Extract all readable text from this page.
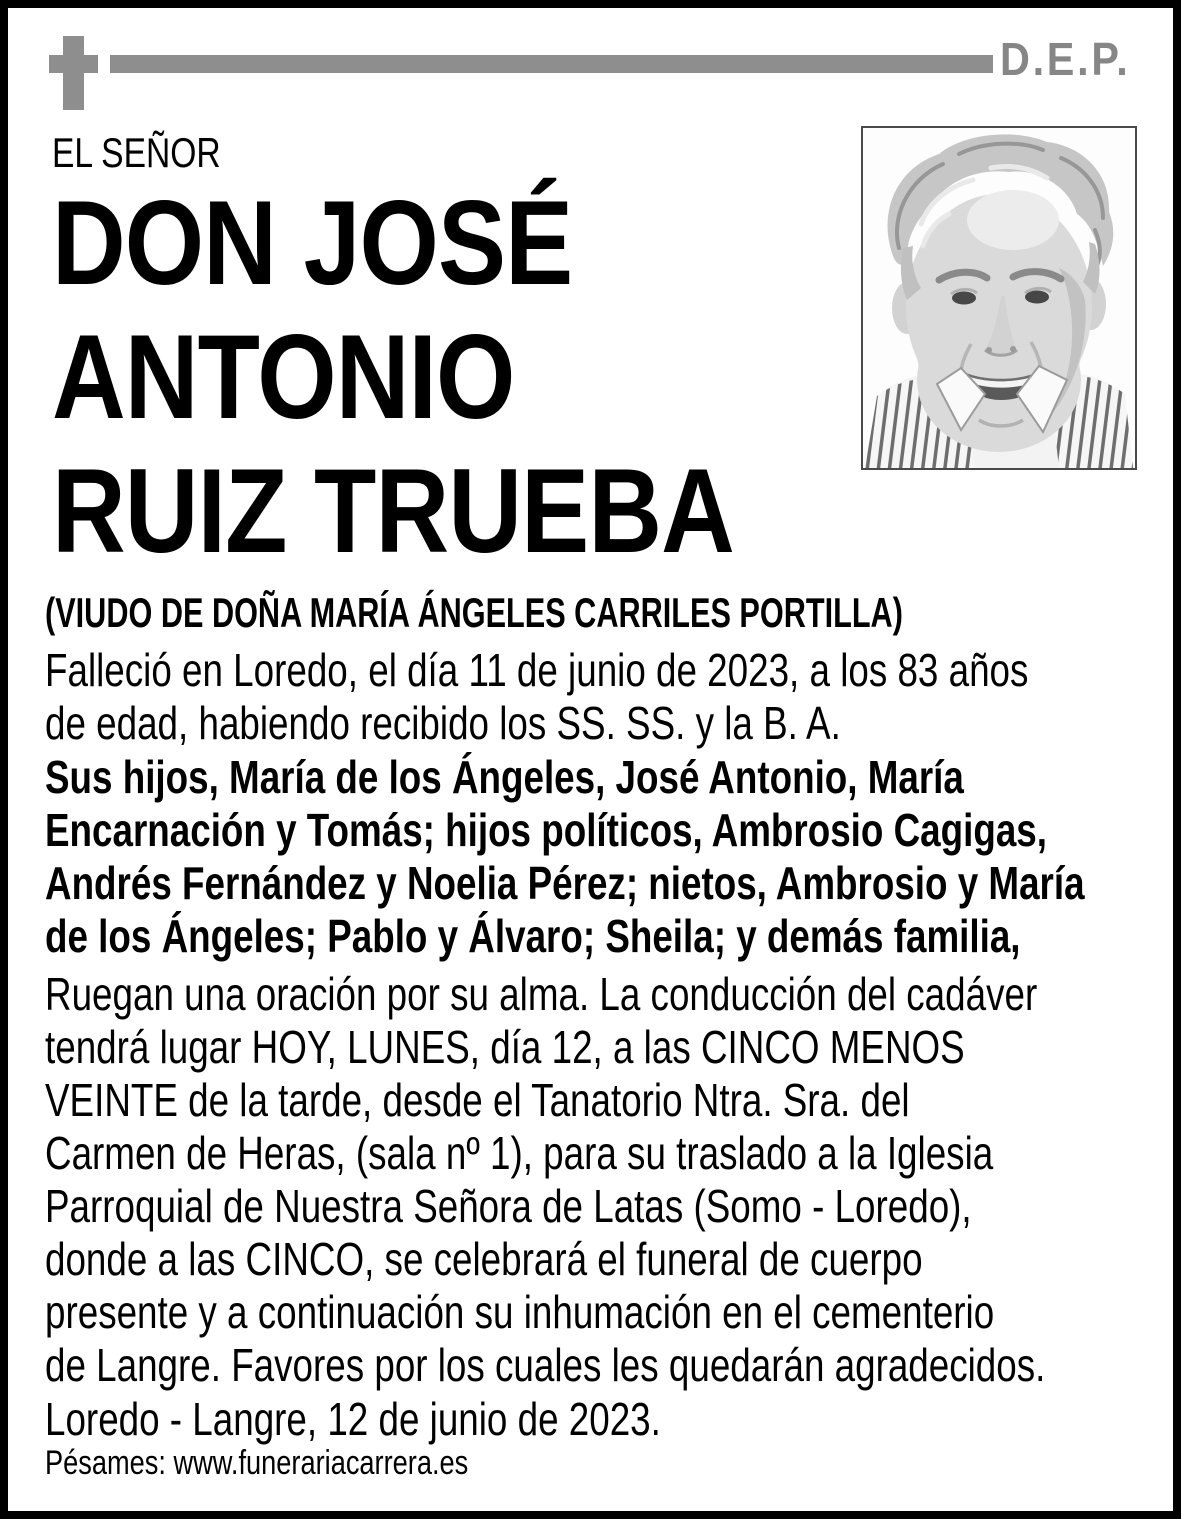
D.E.P.
EL SEÑOR
DON JOSÉ
ANTONIO
RUIZ TRUEBA

(VIUDO DE DOÑA MARÍA ÁNGELES CARRILES PORTILLA)

Falleció en Loredo, el día 11 de junio de 2023, a los 83 años
de edad, habiendo recibido los SS. SS. y la B. A.

Sus hijos, María de los Ángeles, José Antonio, María
Encarnación y Tomás; hijos políticos, Ambrosio Cagigas,
Andrés Fernández y Noelia Pérez; nietos, Ambrosio y María
de los Ángeles; Pablo y Álvaro; Sheila; y demás familia,

Ruegan una oración por su alma. La conducción del cadáver
tendrá lugar HOY, LUNES, día 12, a las CINCO MENOS
VEINTE de la tarde, desde el Tanatorio Ntra. Sra. del
Carmen de Heras, (sala nº 1), para su traslado a la Iglesia
Parroquial de Nuestra Señora de Latas (Somo - Loredo),
donde a las CINCO, se celebrará el funeral de cuerpo
presente y a continuación su inhumación en el cementerio
de Langre. Favores por los cuales les quedarán agradecidos.

Loredo - Langre, 12 de junio de 2023.

Pésames: www.funerariacarrera.es
